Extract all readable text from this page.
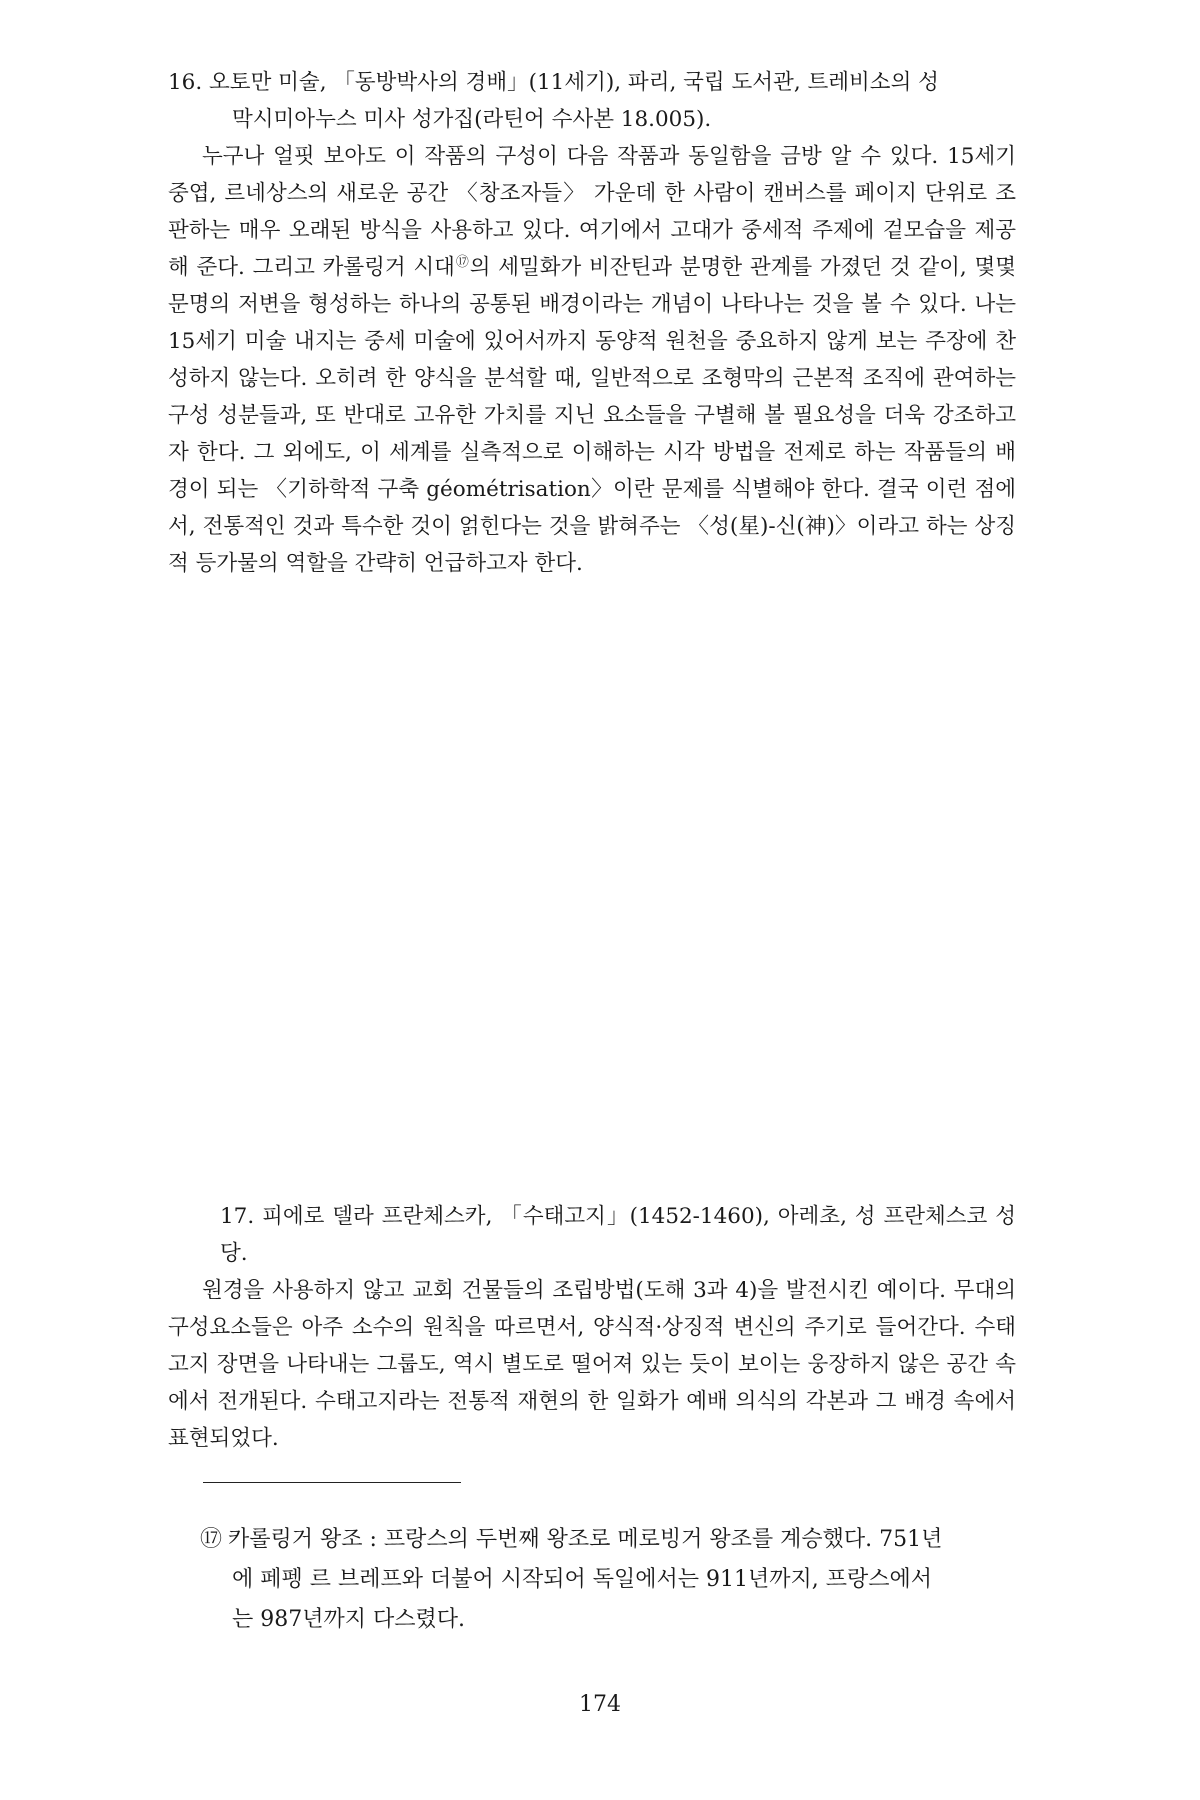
16. 오토만 미술, 「동방박사의 경배」(11세기), 파리, 국립 도서관, 트레비소의 성
막시미아누스 미사 성가집(라틴어 수사본 18.005).

누구나 얼핏 보아도 이 작품의 구성이 다음 작품과 동일함을 금방 알 수 있다. 15세기 중엽, 르네상스의 새로운 공간 〈창조자들〉 가운데 한 사람이 캔버스를 페이지 단위로 조판하는 매우 오래된 방식을 사용하고 있다. 여기에서 고대가 중세적 주제에 겉모습을 제공해 준다. 그리고 카롤링거 시대⑰의 세밀화가 비잔틴과 분명한 관계를 가졌던 것 같이, 몇몇 문명의 저변을 형성하는 하나의 공통된 배경이라는 개념이 나타나는 것을 볼 수 있다. 나는 15세기 미술 내지는 중세 미술에 있어서까지 동양적 원천을 중요하지 않게 보는 주장에 찬성하지 않는다. 오히려 한 양식을 분석할 때, 일반적으로 조형막의 근본적 조직에 관여하는 구성 성분들과, 또 반대로 고유한 가치를 지닌 요소들을 구별해 볼 필요성을 더욱 강조하고자 한다. 그 외에도, 이 세계를 실측적으로 이해하는 시각 방법을 전제로 하는 작품들의 배경이 되는 〈기하학적 구축 géométrisation〉이란 문제를 식별해야 한다. 결국 이런 점에서, 전통적인 것과 특수한 것이 얽힌다는 것을 밝혀주는 〈성(星)-신(神)〉이라고 하는 상징적 등가물의 역할을 간략히 언급하고자 한다.

17. 피에로 델라 프란체스카, 「수태고지」(1452-1460), 아레초, 성 프란체스코 성당.

원경을 사용하지 않고 교회 건물들의 조립방법(도해 3과 4)을 발전시킨 예이다. 무대의 구성요소들은 아주 소수의 원칙을 따르면서, 양식적·상징적 변신의 주기로 들어간다. 수태고지 장면을 나타내는 그룹도, 역시 별도로 떨어져 있는 듯이 보이는 웅장하지 않은 공간 속에서 전개된다. 수태고지라는 전통적 재현의 한 일화가 예배 의식의 각본과 그 배경 속에서 표현되었다.

⑰ 카롤링거 왕조 : 프랑스의 두번째 왕조로 메로빙거 왕조를 계승했다. 751년
에 페펭 르 브레프와 더불어 시작되어 독일에서는 911년까지, 프랑스에서
는 987년까지 다스렸다.
174
